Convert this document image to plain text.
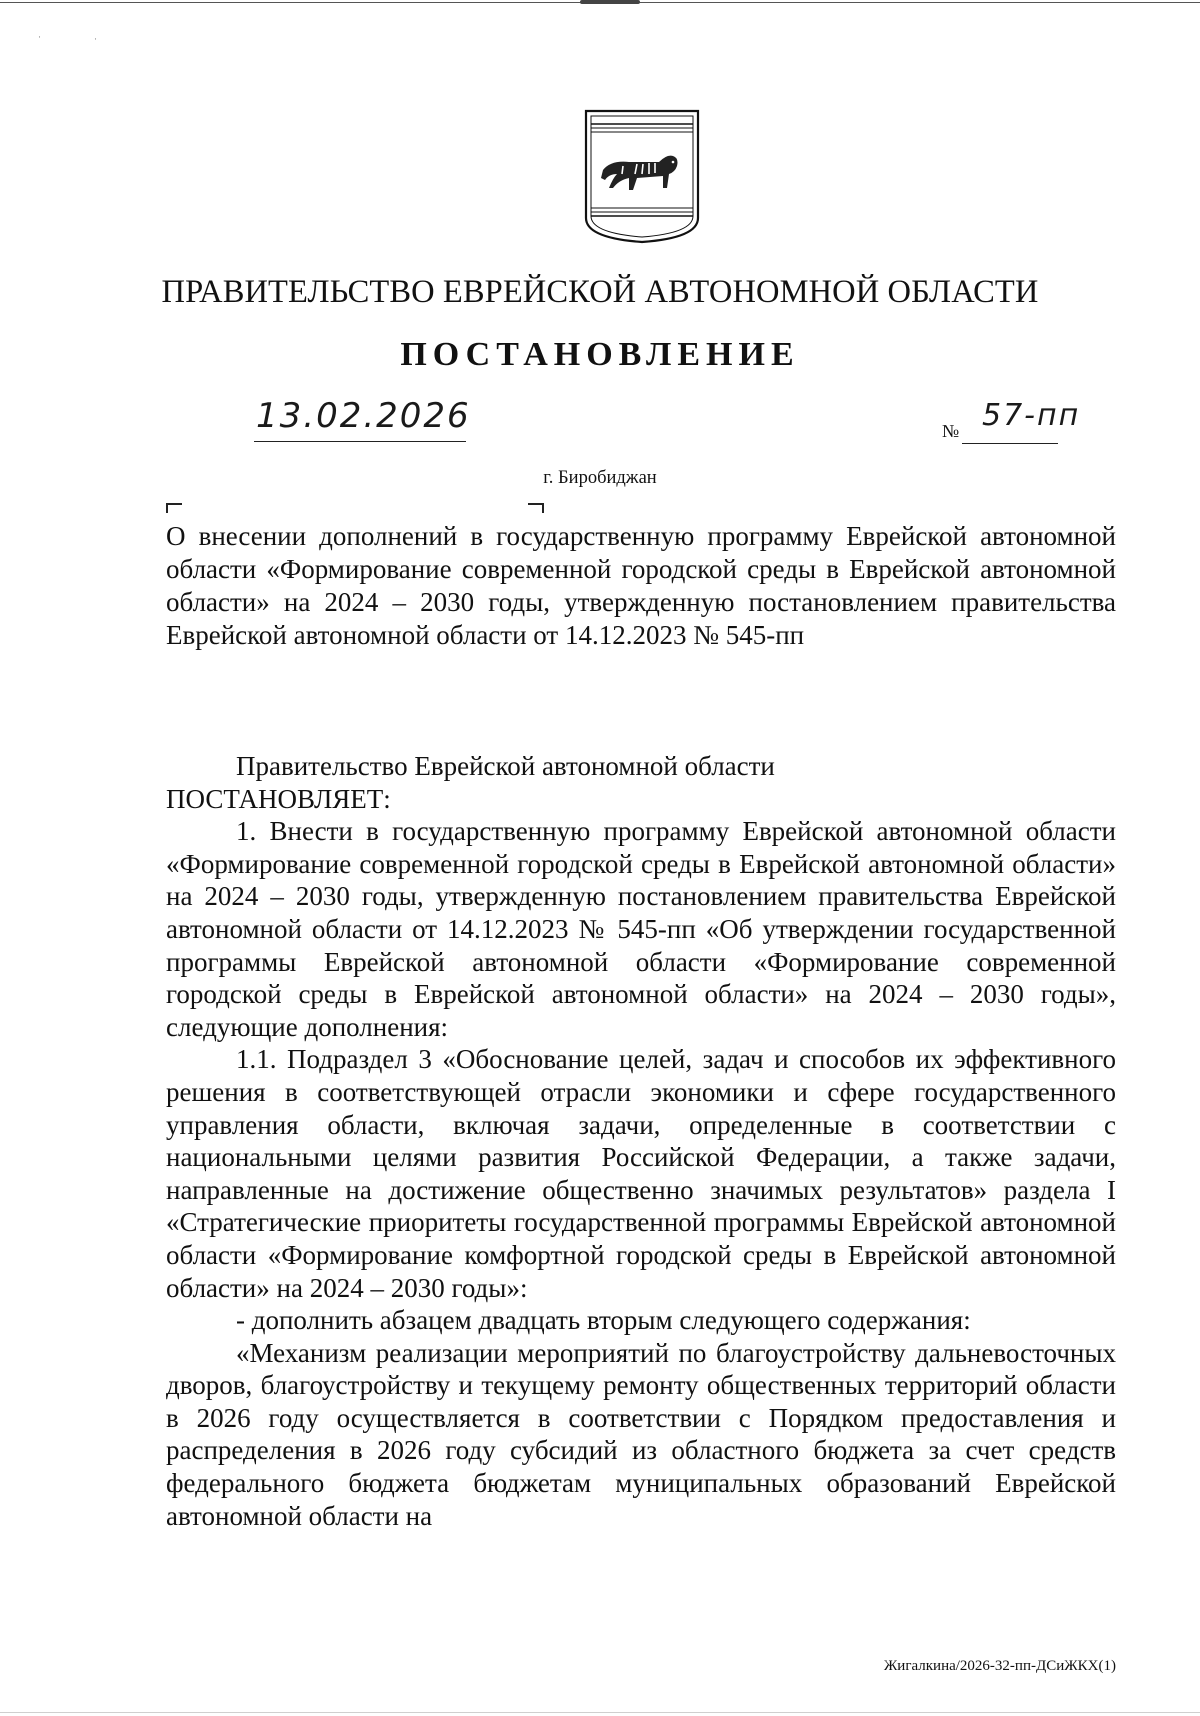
·	·
ПРАВИТЕЛЬСТВО ЕВРЕЙСКОЙ АВТОНОМНОЙ ОБЛАСТИ
ПОСТАНОВЛЕНИЕ
13.02.2026	№ 57-пп
г. Биробиджан
О внесении дополнений в государственную программу Еврейской автономной области «Формирование современной городской среды в Еврейской автономной области» на 2024 – 2030 годы, утвержденную постановлением правительства Еврейской автономной области от 14.12.2023 № 545-пп

Правительство Еврейской автономной области

ПОСТАНОВЛЯЕТ:

1. Внести в государственную программу Еврейской автономной области «Формирование современной городской среды в Еврейской автономной области» на 2024 – 2030 годы, утвержденную постановлением правительства Еврейской автономной области от 14.12.2023 № 545-пп «Об утверждении государственной программы Еврейской автономной области «Формирование современной городской среды в Еврейской автономной области» на 2024 – 2030 годы», следующие дополнения:

1.1. Подраздел 3 «Обоснование целей, задач и способов их эффективного решения в соответствующей отрасли экономики и сфере государственного управления области, включая задачи, определенные в соответствии с национальными целями развития Российской Федерации, а также задачи, направленные на достижение общественно значимых результатов» раздела I «Стратегические приоритеты государственной программы Еврейской автономной области «Формирование комфортной городской среды в Еврейской автономной области» на 2024 – 2030 годы»:

- дополнить абзацем двадцать вторым следующего содержания:

«Механизм реализации мероприятий по благоустройству дальневосточных дворов, благоустройству и текущему ремонту общественных территорий области в 2026 году осуществляется в соответствии с Порядком предоставления и распределения в 2026 году субсидий из областного бюджета за счет средств федерального бюджета бюджетам муниципальных образований Еврейской автономной области на

Жигалкина/2026-32-пп-ДСиЖКХ(1)
